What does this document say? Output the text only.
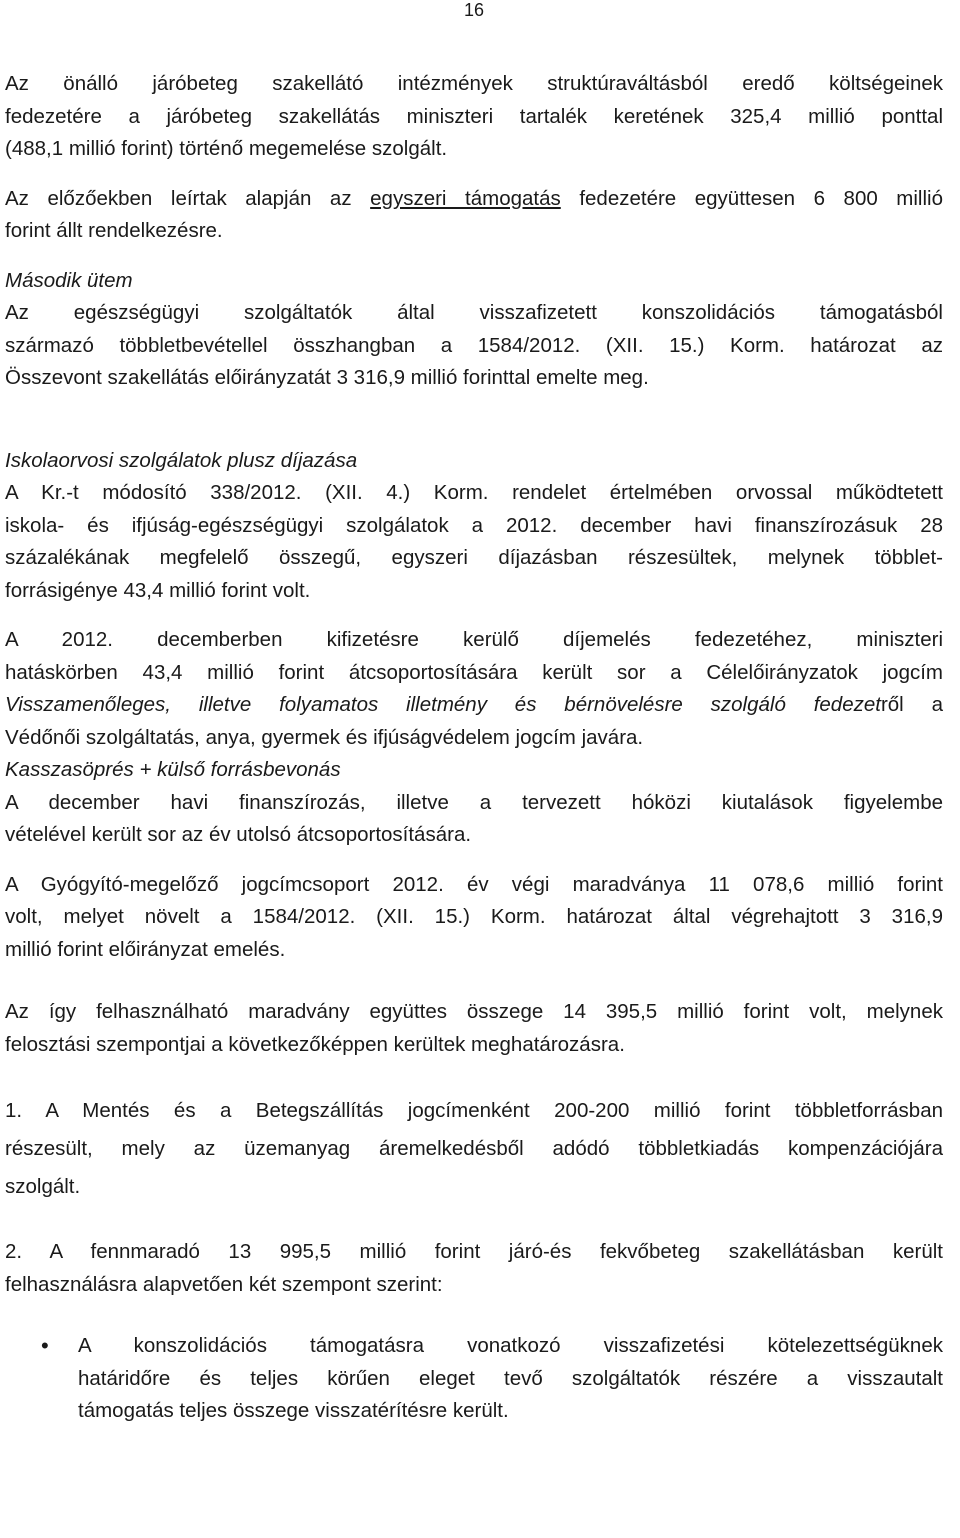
16

Az önálló járóbeteg szakellátó intézmények struktúraváltásból eredő költségeinek
fedezetére a járóbeteg szakellátás miniszteri tartalék keretének 325,4 millió ponttal
(488,1 millió forint) történő megemelése szolgált.

Az előzőekben leírtak alapján az egyszeri támogatás fedezetére együttesen 6 800 millió
forint állt rendelkezésre.

Második ütem

Az egészségügyi szolgáltatók által visszafizetett konszolidációs támogatásból
származó többletbevétellel összhangban a 1584/2012. (XII. 15.) Korm. határozat az
Összevont szakellátás előirányzatát 3 316,9 millió forinttal emelte meg.

Iskolaorvosi szolgálatok plusz díjazása

A Kr.-t módosító 338/2012. (XII. 4.) Korm. rendelet értelmében orvossal működtetett
iskola- és ifjúság-egészségügyi szolgálatok a 2012. december havi finanszírozásuk 28
százalékának megfelelő összegű, egyszeri díjazásban részesültek, melynek többlet-
forrásigénye 43,4 millió forint volt.

A 2012. decemberben kifizetésre kerülő díjemelés fedezetéhez, miniszteri
hatáskörben 43,4 millió forint átcsoportosítására került sor a Célelőirányzatok jogcím
Visszamenőleges, illetve folyamatos illetmény és bérnövelésre szolgáló fedezetről a
Védőnői szolgáltatás, anya, gyermek és ifjúságvédelem jogcím javára.

Kasszasöprés + külső forrásbevonás

A december havi finanszírozás, illetve a tervezett hóközi kiutalások figyelembe
vételével került sor az év utolsó átcsoportosítására.

A Gyógyító-megelőző jogcímcsoport 2012. év végi maradványa 11 078,6 millió forint
volt, melyet növelt a 1584/2012. (XII. 15.) Korm. határozat által végrehajtott 3 316,9
millió forint előirányzat emelés.

Az így felhasználható maradvány együttes összege 14 395,5 millió forint volt, melynek
felosztási szempontjai a következőképpen kerültek meghatározásra.

1. A Mentés és a Betegszállítás jogcímenként 200-200 millió forint többletforrásban
részesült, mely az üzemanyag áremelkedésből adódó többletkiadás kompenzációjára
szolgált.

2. A fennmaradó 13 995,5 millió forint járó-és fekvőbeteg szakellátásban került
felhasználásra alapvetően két szempont szerint:

• A konszolidációs támogatásra vonatkozó visszafizetési kötelezettségüknek
határidőre és teljes körűen eleget tevő szolgáltatók részére a visszautalt
támogatás teljes összege visszatérítésre került.
